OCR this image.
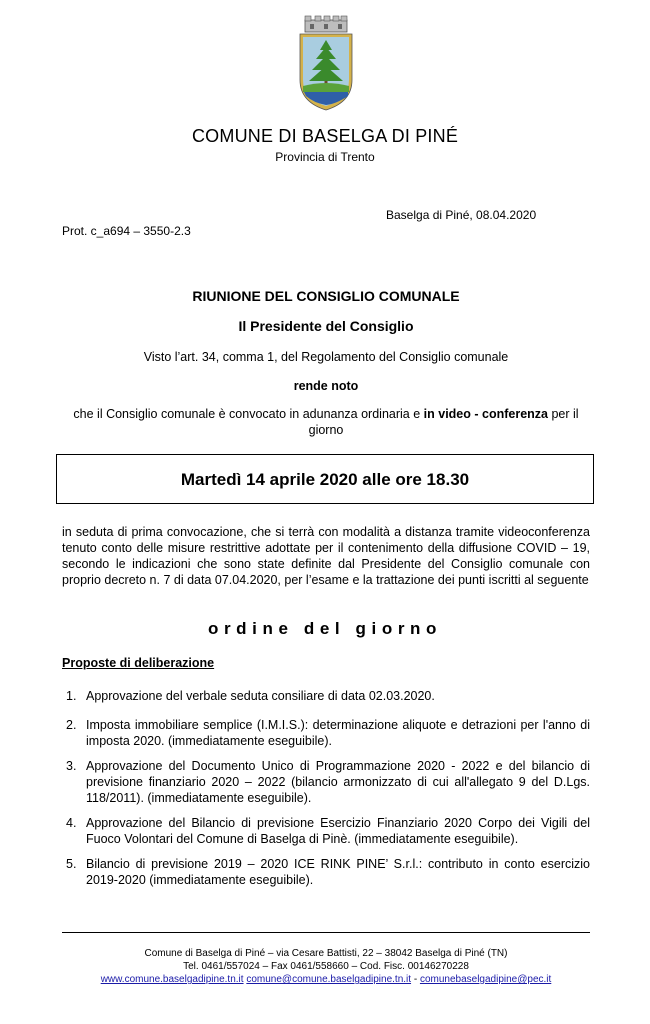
COMUNE DI BASELGA DI PINÉ
Provincia di Trento
Baselga di Piné, 08.04.2020
Prot. c_a694 – 3550-2.3
RIUNIONE DEL CONSIGLIO COMUNALE
Il Presidente del Consiglio
Visto l’art. 34, comma 1, del Regolamento del Consiglio comunale
rende noto
che il Consiglio comunale è convocato in adunanza ordinaria e in video - conferenza per il giorno
Martedì 14 aprile 2020 alle ore 18.30
in seduta di prima convocazione, che si terrà con modalità a distanza tramite videoconferenza tenuto conto delle misure restrittive adottate per il contenimento della diffusione COVID – 19, secondo le indicazioni che sono state definite dal Presidente del Consiglio comunale con proprio decreto n. 7 di data 07.04.2020, per l’esame e la trattazione dei punti iscritti al seguente
ordine del giorno
Proposte di deliberazione
1. Approvazione del verbale seduta consiliare di data 02.03.2020.
2. Imposta immobiliare semplice (I.M.I.S.): determinazione aliquote e detrazioni per l'anno di imposta 2020. (immediatamente eseguibile).
3. Approvazione del Documento Unico di Programmazione 2020 - 2022 e del bilancio di previsione finanziario 2020 – 2022 (bilancio armonizzato di cui all'allegato 9 del D.Lgs. 118/2011). (immediatamente eseguibile).
4. Approvazione del Bilancio di previsione Esercizio Finanziario 2020 Corpo dei Vigili del Fuoco Volontari del Comune di Baselga di Pinè. (immediatamente eseguibile).
5. Bilancio di previsione 2019 – 2020 ICE RINK PINE’ S.r.l.: contributo in conto esercizio 2019-2020 (immediatamente eseguibile).
Comune di Baselga di Piné – via Cesare Battisti, 22 – 38042 Baselga di Piné (TN)
Tel. 0461/557024 – Fax 0461/558660 – Cod. Fisc. 00146270228
www.comune.baselgadipine.tn.it comune@comune.baselgadipine.tn.it - comunebaselgadipine@pec.it
